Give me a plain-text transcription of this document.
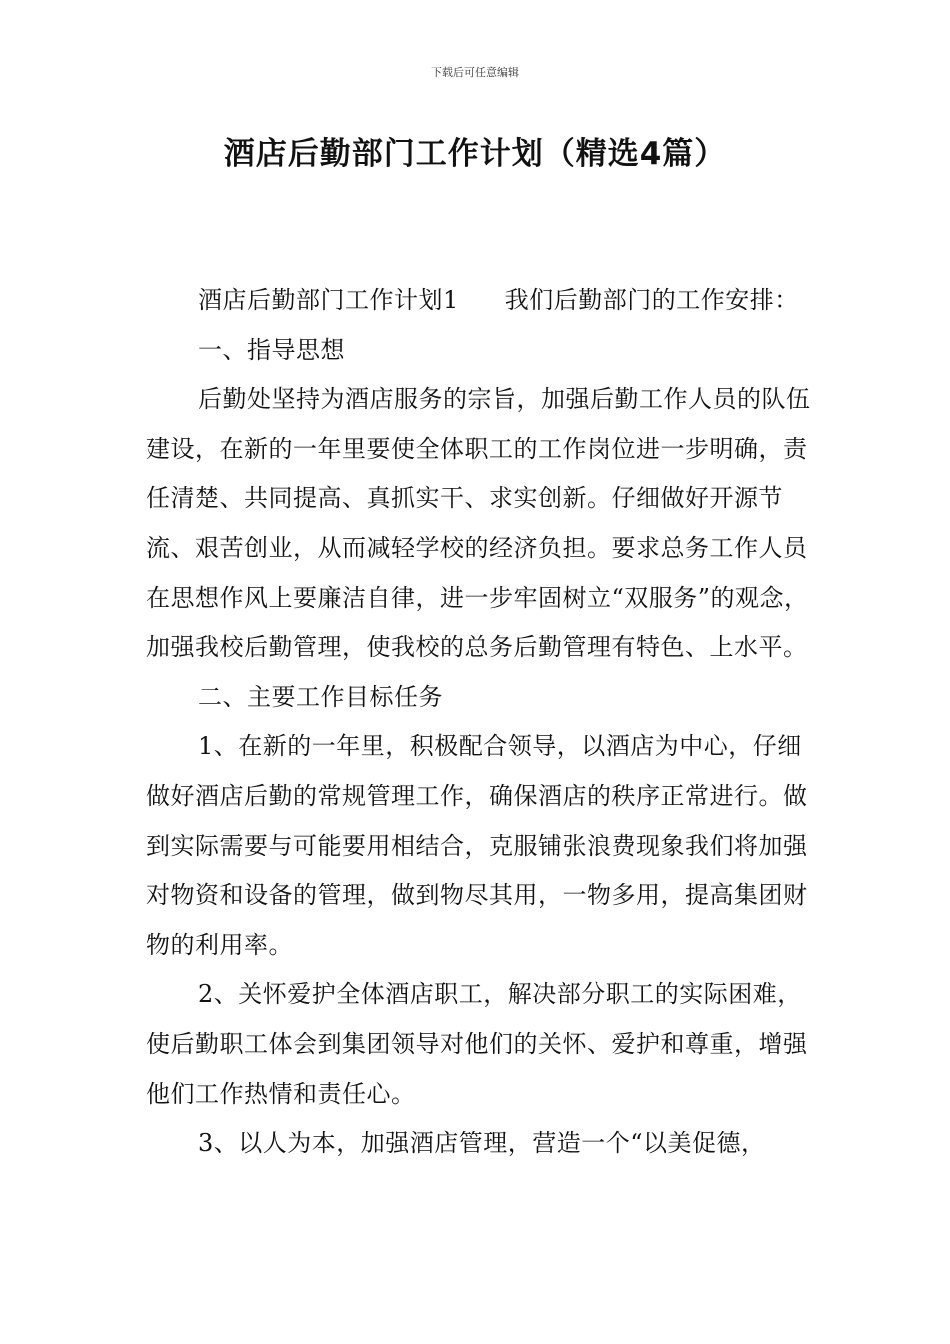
下载后可任意编辑
酒店后勤部门工作计划（精选4篇）

酒店后勤部门工作计划1 我们后勤部门的工作安排：

一、指导思想

后勤处坚持为酒店服务的宗旨，加强后勤工作人员的队伍建设，在新的一年里要使全体职工的工作岗位进一步明确，责任清楚、共同提高、真抓实干、求实创新。仔细做好开源节流、艰苦创业，从而减轻学校的经济负担。要求总务工作人员在思想作风上要廉洁自律，进一步牢固树立“双服务”的观念，加强我校后勤管理，使我校的总务后勤管理有特色、上水平。

二、主要工作目标任务

1、在新的一年里，积极配合领导，以酒店为中心，仔细做好酒店后勤的常规管理工作，确保酒店的秩序正常进行。做到实际需要与可能要用相结合，克服铺张浪费现象我们将加强对物资和设备的管理，做到物尽其用，一物多用，提高集团财物的利用率。

2、关怀爱护全体酒店职工，解决部分职工的实际困难，使后勤职工体会到集团领导对他们的关怀、爱护和尊重，增强他们工作热情和责任心。

3、以人为本，加强酒店管理，营造一个“以美促德，
